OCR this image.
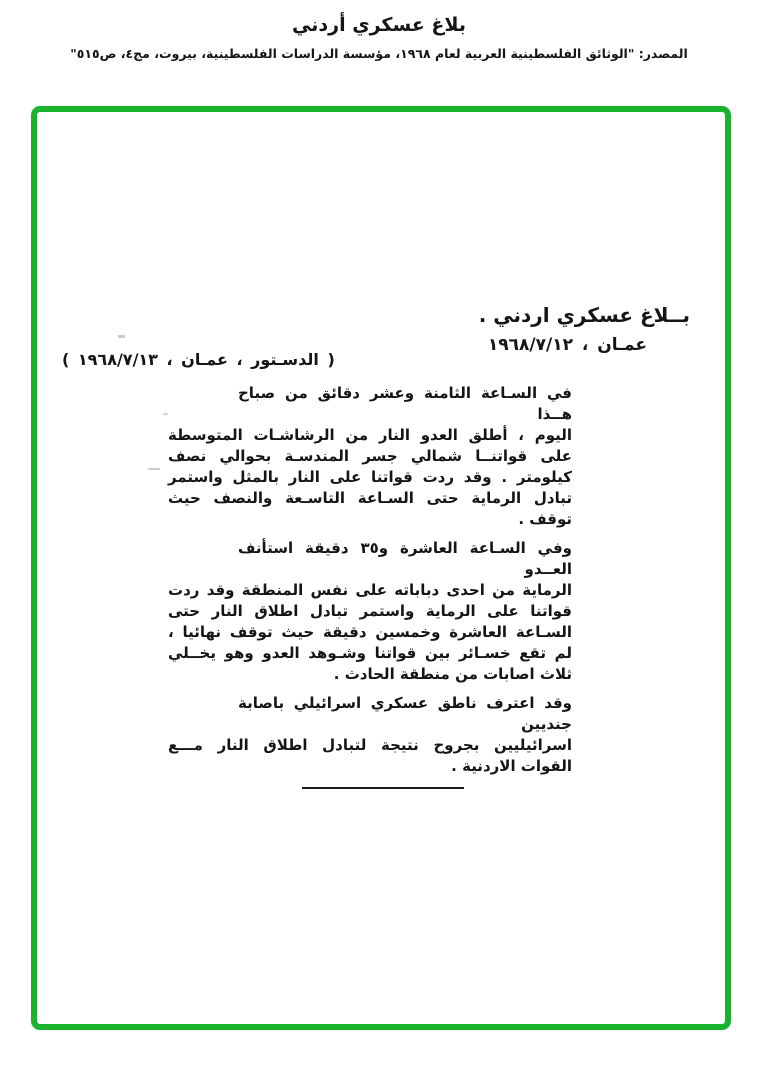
بلاغ عسكري أردني
المصدر: "الوثائق الفلسطينية العربية لعام ١٩٦٨، مؤسسة الدراسات الفلسطينية، بيروت، مج٤، ص٥١٥"
بــلاغ عسكري اردني .
عمـان ، ١٩٦٨/٧/١٢
( الدسـتور ، عمـان ، ١٩٦٨/٧/١٣ )
في السـاعة الثامنة وعشر دقائق من صباح هــذا
اليوم ، أطلق العدو النار من الرشاشـات المتوسطة
على قواتنــا شمالي جسر المندسـة بحوالي نصف
كيلومتر . وقد ردت قواتنا على النار بالمثل واستمر
تبادل الرماية حتى السـاعة التاسـعة والنصف حيث
توقف .
وفي السـاعة العاشرة و٣٥ دقيقة استأنف العــدو
الرماية من احدى دباباته على نفس المنطقة وقد ردت
قواتنا على الرماية واستمر تبادل اطلاق النار حتى
السـاعة العاشرة وخمسين دقيقة حيث توقف نهائيا ،
لم تقع خسـائر بين قواتنا وشـوهد العدو وهو يخــلي
ثلاث اصابات من منطقة الحادث .
وقد اعترف ناطق عسكري اسرائيلي باصابة جنديين
اسرائيليين بجروح نتيجة لتبادل اطلاق النار مـــع
القوات الاردنية .
